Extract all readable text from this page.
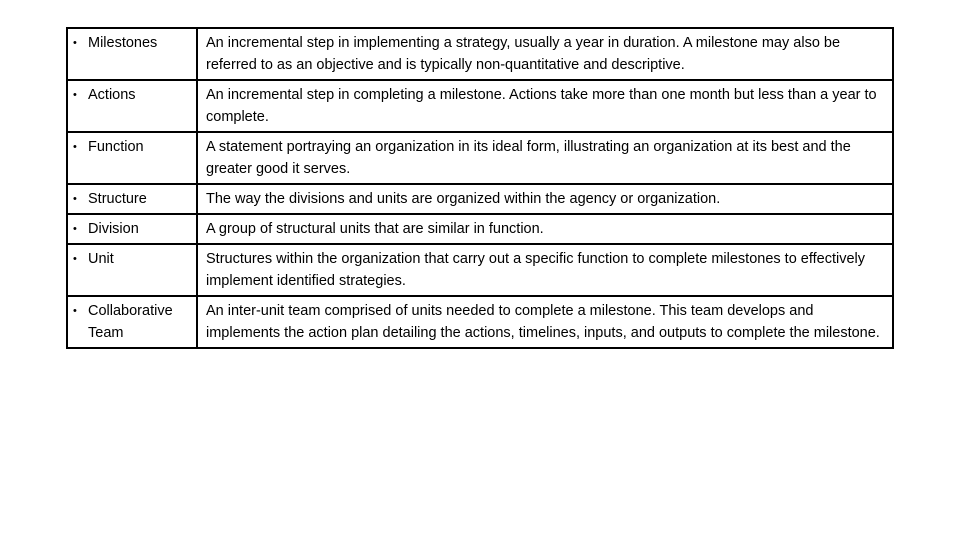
• Milestones	An incremental step in implementing a strategy, usually a year in duration. A milestone may also be referred to as an objective and is typically non-quantitative and descriptive.

• Actions	An incremental step in completing a milestone. Actions take more than one month but less than a year to complete.

• Function	A statement portraying an organization in its ideal form, illustrating an organization at its best and the greater good it serves.

• Structure	The way the divisions and units are organized within the agency or organization.

• Division	A group of structural units that are similar in function.

• Unit	Structures within the organization that carry out a specific function to complete milestones to effectively implement identified strategies.

• Collaborative Team	An inter-unit team comprised of units needed to complete a milestone. This team develops and implements the action plan detailing the actions, timelines, inputs, and outputs to complete the milestone.
